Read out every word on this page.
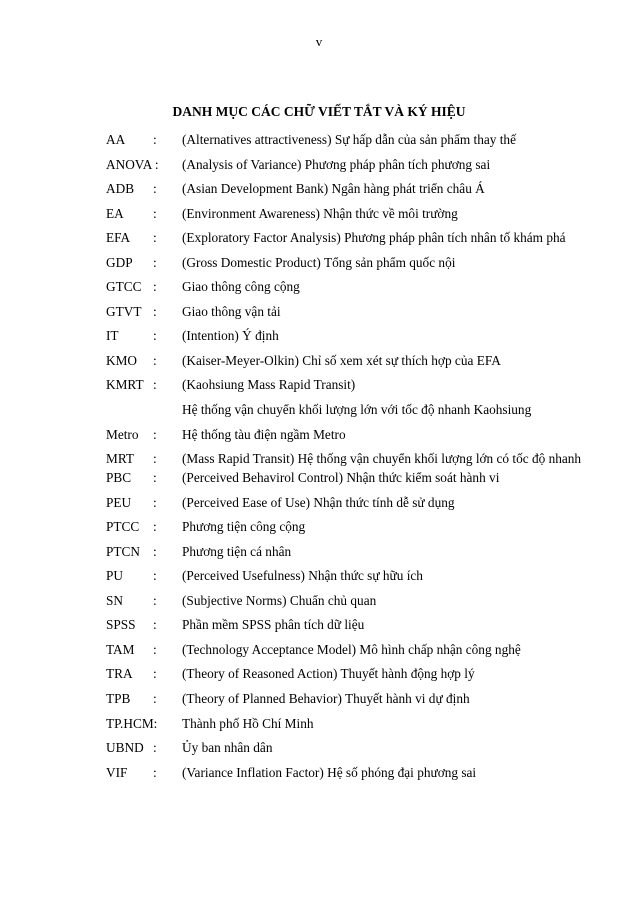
v
DANH MỤC CÁC CHỮ VIẾT TẮT VÀ KÝ HIỆU
AA : (Alternatives attractiveness) Sự hấp dẫn của sản phẩm thay thế
ANOVA : (Analysis of Variance) Phương pháp phân tích phương sai
ADB : (Asian Development Bank) Ngân hàng phát triển châu Á
EA : (Environment Awareness) Nhận thức về môi trường
EFA : (Exploratory Factor Analysis) Phương pháp phân tích nhân tố khám phá
GDP : (Gross Domestic Product) Tổng sản phẩm quốc nội
GTCC : Giao thông công cộng
GTVT : Giao thông vận tải
IT	: (Intention) Ý định
KMO : (Kaiser-Meyer-Olkin) Chỉ số xem xét sự thích hợp của EFA
KMRT : (Kaohsiung Mass Rapid Transit)
Hệ thống vận chuyển khối lượng lớn với tốc độ nhanh Kaohsiung
Metro : Hệ thống tàu điện ngầm Metro
MRT : (Mass Rapid Transit) Hệ thống vận chuyển khối lượng lớn có tốc độ nhanh
PBC : (Perceived Behavirol Control) Nhận thức kiểm soát hành vi
PEU : (Perceived Ease of Use) Nhận thức tính dễ sử dụng
PTCC : Phương tiện công cộng
PTCN : Phương tiện cá nhân
PU : (Perceived Usefulness) Nhận thức sự hữu ích
SN : (Subjective Norms) Chuẩn chủ quan
SPSS : Phần mềm SPSS phân tích dữ liệu
TAM : (Technology Acceptance Model) Mô hình chấp nhận công nghệ
TRA : (Theory of Reasoned Action) Thuyết hành động hợp lý
TPB : (Theory of Planned Behavior) Thuyết hành vi dự định
TP.HCM: Thành phố Hồ Chí Minh
UBND : Ủy ban nhân dân
VIF : (Variance Inflation Factor) Hệ số phóng đại phương sai
